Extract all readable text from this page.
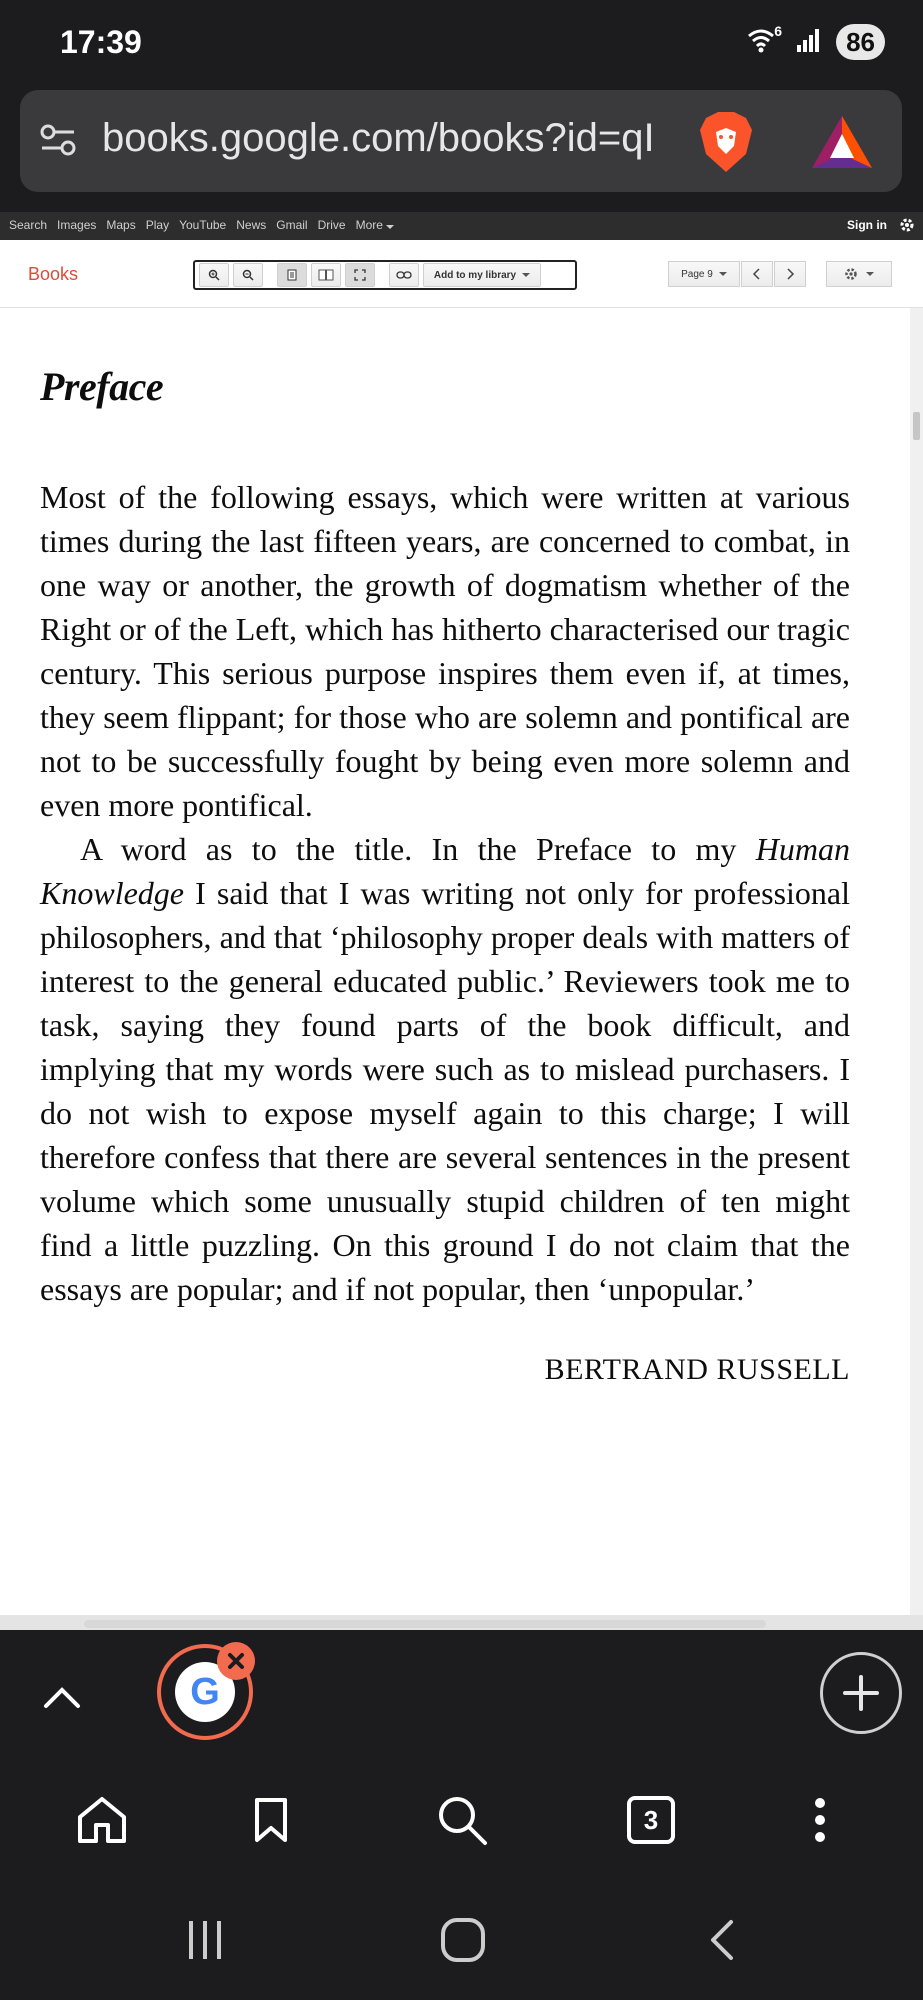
17:39	6	86
books.google.com/books?id=qI
Search Images Maps Play YouTube News Gmail Drive More	Sign in
Books	Add to my library	Page 9
Preface

Most of the following essays, which were written at various times during the last fifteen years, are concerned to combat, in one way or another, the growth of dogmatism whether of the Right or of the Left, which has hitherto characterised our tragic century. This serious purpose inspires them even if, at times, they seem flippant; for those who are solemn and pontifical are not to be successfully fought by being even more solemn and even more pontifical.

A word as to the title. In the Preface to my Human Knowledge I said that I was writing not only for professional philosophers, and that ‘philosophy proper deals with matters of interest to the general educated public.’ Reviewers took me to task, saying they found parts of the book difficult, and implying that my words were such as to mislead purchasers. I do not wish to expose myself again to this charge; I will therefore confess that there are several sentences in the present volume which some unusually stupid children of ten might find a little puzzling. On this ground I do not claim that the essays are popular; and if not popular, then ‘unpopular.’

BERTRAND RUSSELL
G
3
